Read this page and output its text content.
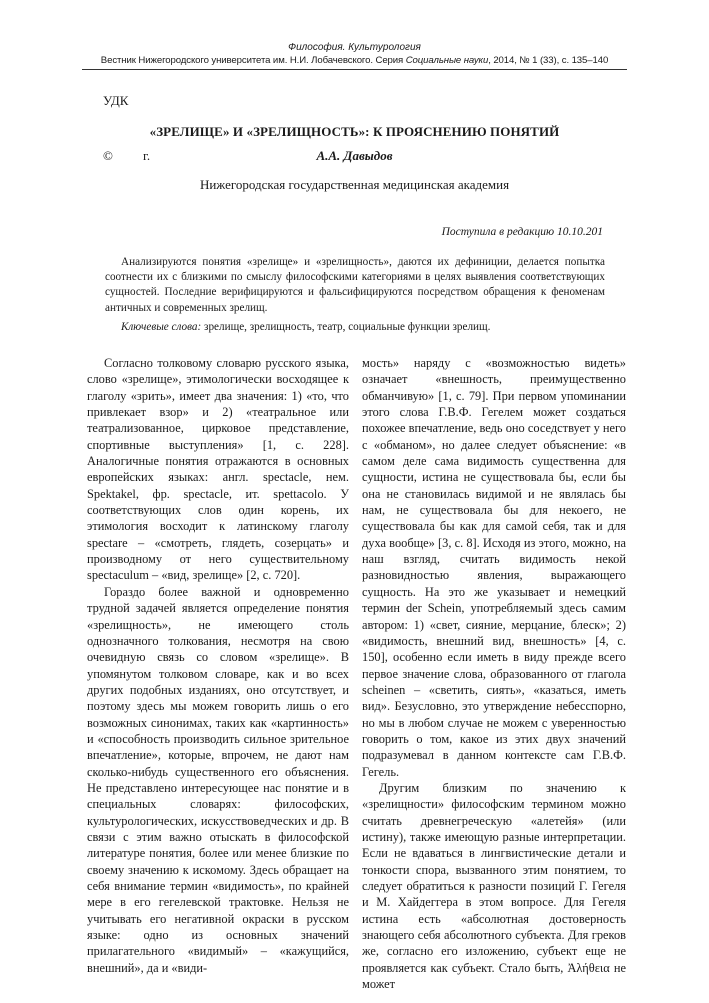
Философия. Культурология
Вестник Нижегородского университета им. Н.И. Лобачевского. Серия Социальные науки, 2014, № 1 (33), с. 135–140
УДК
«ЗРЕЛИЩЕ» И «ЗРЕЛИЩНОСТЬ»: К ПРОЯСНЕНИЮ ПОНЯТИЙ
© г.	А.А. Давыдов
Нижегородская государственная медицинская академия
Поступила в редакцию 10.10.201
Анализируются понятия «зрелище» и «зрелищность», даются их дефиниции, делается попытка соотнести их с близкими по смыслу философскими категориями в целях выявления соответствующих сущностей. Последние верифицируются и фальсифицируются посредством обращения к феноменам античных и современных зрелищ.
Ключевые слова: зрелище, зрелищность, театр, социальные функции зрелищ.

Согласно толковому словарю русского языка, слово «зрелище», этимологически восходящее к глаголу «зрить», имеет два значения: 1) «то, что привлекает взор» и 2) «театральное или театрализованное, цирковое представление, спортивные выступления» [1, с. 228]. Аналогичные понятия отражаются в основных европейских языках: англ. spectacle, нем. Spektakel, фр. spectacle, ит. spettacolo. У соответствующих слов один корень, их этимология восходит к латинскому глаголу spectare – «смотреть, глядеть, созерцать» и производному от него существительному spectaculum – «вид, зрелище» [2, с. 720].

Гораздо более важной и одновременно трудной задачей является определение понятия «зрелищность», не имеющего столь однозначного толкования, несмотря на свою очевидную связь со словом «зрелище». В упомянутом толковом словаре, как и во всех других подобных изданиях, оно отсутствует, и поэтому здесь мы можем говорить лишь о его возможных синонимах, таких как «картинность» и «способность производить сильное зрительное впечатление», которые, впрочем, не дают нам сколько-нибудь существенного его объяснения. Не представлено интересующее нас понятие и в специальных словарях: философских, культурологических, искусствоведческих и др. В связи с этим важно отыскать в философской литературе понятия, более или менее близкие по своему значению к искомому. Здесь обращает на себя внимание термин «видимость», по крайней мере в его гегелевской трактовке. Нельзя не учитывать его негативной окраски в русском языке: одно из основных значений прилагательного «видимый» – «кажущийся, внешний», да и «види-

мость» наряду с «возможностью видеть» означает «внешность, преимущественно обманчивую» [1, с. 79]. При первом упоминании этого слова Г.В.Ф. Гегелем может создаться похожее впечатление, ведь оно соседствует у него с «обманом», но далее следует объяснение: «в самом деле сама видимость существенна для сущности, истина не существовала бы, если бы она не становилась видимой и не являлась бы нам, не существовала бы для некоего, не существовала бы как для самой себя, так и для духа вообще» [3, с. 8]. Исходя из этого, можно, на наш взгляд, считать видимость некой разновидностью явления, выражающего сущность. На это же указывает и немецкий термин der Schein, употребляемый здесь самим автором: 1) «свет, сияние, мерцание, блеск»; 2) «видимость, внешний вид, внешность» [4, с. 150], особенно если иметь в виду прежде всего первое значение слова, образованного от глагола scheinen – «светить, сиять», «казаться, иметь вид». Безусловно, это утверждение небесспорно, но мы в любом случае не можем с уверенностью говорить о том, какое из этих двух значений подразумевал в данном контексте сам Г.В.Ф. Гегель.

Другим близким по значению к «зрелищности» философским термином можно считать древнегреческую «алетейя» (или истину), также имеющую разные интерпретации. Если не вдаваться в лингвистические детали и тонкости спора, вызванного этим понятием, то следует обратиться к разности позиций Г. Гегеля и М. Хайдеггера в этом вопросе. Для Гегеля истина есть «абсолютная достоверность знающего себя абсолютного субъекта. Для греков же, согласно его изложению, субъект еще не проявляется как субъект. Стало быть, Ἀλήθεια не может
